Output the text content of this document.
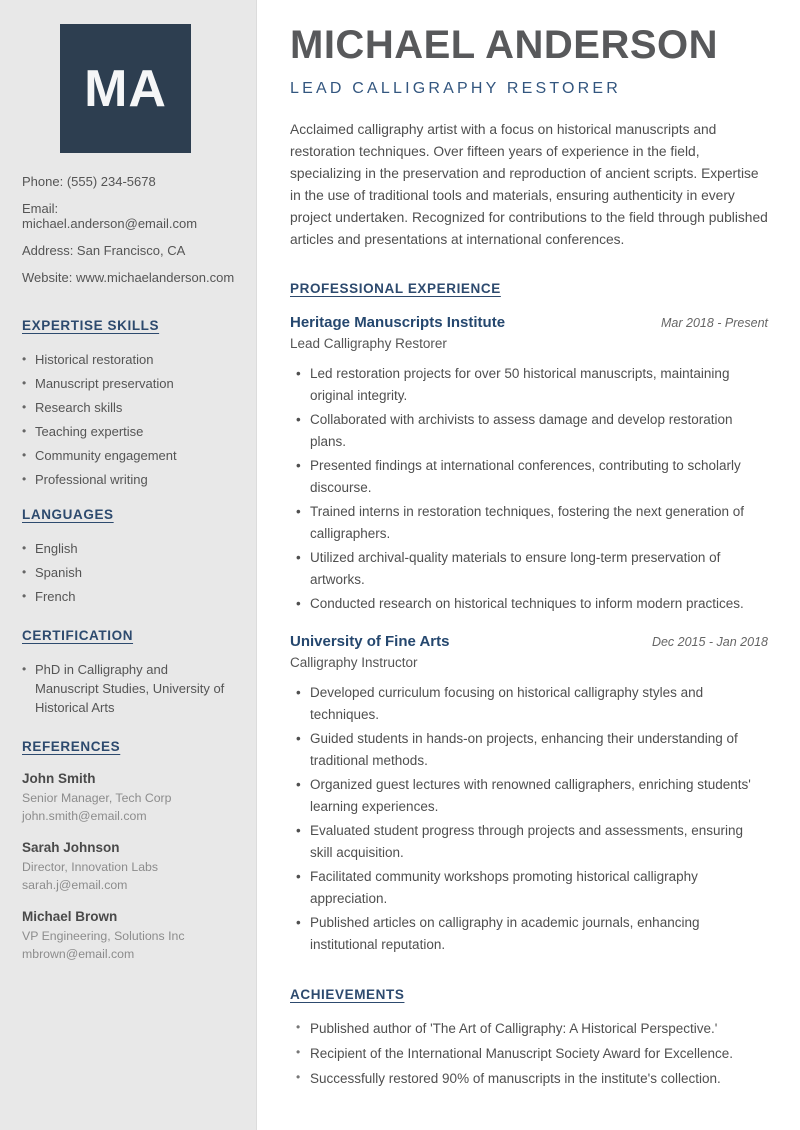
MA
Phone: (555) 234-5678
Email: michael.anderson@email.com
Address: San Francisco, CA
Website: www.michaelanderson.com
EXPERTISE SKILLS
• Historical restoration
• Manuscript preservation
• Research skills
• Teaching expertise
• Community engagement
• Professional writing
LANGUAGES
• English
• Spanish
• French
CERTIFICATION
• PhD in Calligraphy and Manuscript Studies, University of Historical Arts
REFERENCES
John Smith
Senior Manager, Tech Corp
john.smith@email.com
Sarah Johnson
Director, Innovation Labs
sarah.j@email.com
Michael Brown
VP Engineering, Solutions Inc
mbrown@email.com
MICHAEL ANDERSON
LEAD CALLIGRAPHY RESTORER

Acclaimed calligraphy artist with a focus on historical manuscripts and restoration techniques. Over fifteen years of experience in the field, specializing in the preservation and reproduction of ancient scripts. Expertise in the use of traditional tools and materials, ensuring authenticity in every project undertaken. Recognized for contributions to the field through published articles and presentations at international conferences.

PROFESSIONAL EXPERIENCE
Heritage Manuscripts Institute	Mar 2018 - Present
Lead Calligraphy Restorer
• Led restoration projects for over 50 historical manuscripts, maintaining original integrity.
• Collaborated with archivists to assess damage and develop restoration plans.
• Presented findings at international conferences, contributing to scholarly discourse.
• Trained interns in restoration techniques, fostering the next generation of calligraphers.
• Utilized archival-quality materials to ensure long-term preservation of artworks.
• Conducted research on historical techniques to inform modern practices.
University of Fine Arts	Dec 2015 - Jan 2018
Calligraphy Instructor
• Developed curriculum focusing on historical calligraphy styles and techniques.
• Guided students in hands-on projects, enhancing their understanding of traditional methods.
• Organized guest lectures with renowned calligraphers, enriching students' learning experiences.
• Evaluated student progress through projects and assessments, ensuring skill acquisition.
• Facilitated community workshops promoting historical calligraphy appreciation.
• Published articles on calligraphy in academic journals, enhancing institutional reputation.
ACHIEVEMENTS
• Published author of 'The Art of Calligraphy: A Historical Perspective.'
• Recipient of the International Manuscript Society Award for Excellence.
• Successfully restored 90% of manuscripts in the institute's collection.
